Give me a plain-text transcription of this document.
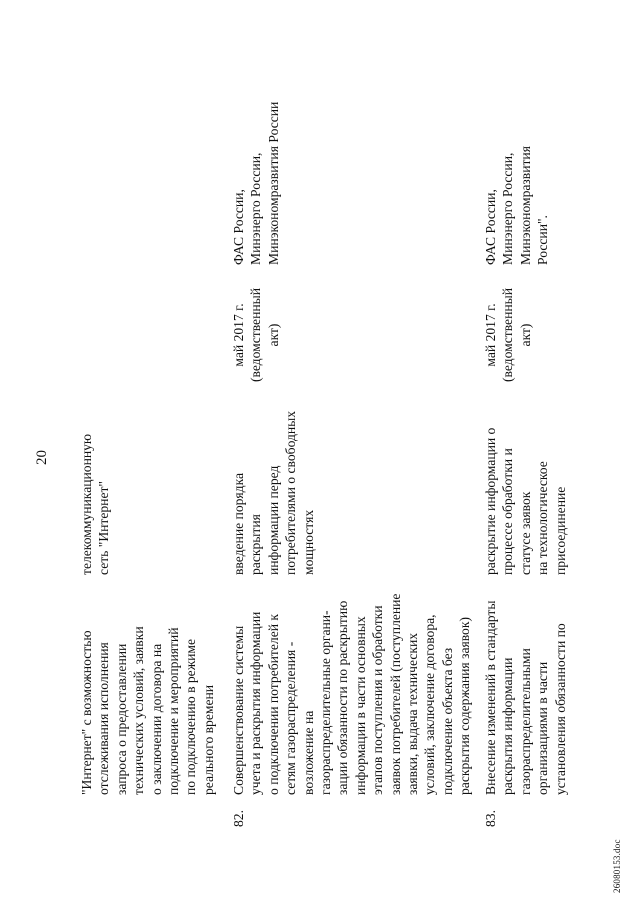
20
"Интернет" с возможностью
отслеживания исполнения
запроса о предоставлении
технических условий, заявки
о заключении договора на
подключение и мероприятий
по подключению в режиме
реального времени
телекоммуникационную
сеть "Интернет"
82.
Совершенствование системы
учета и раскрытия информации
о подключении потребителей к
сетям газораспределения -
возложение на
газораспределительные органи-
зации обязанности по раскрытию
информации в части основных
этапов поступления и обработки
заявок потребителей (поступление
заявки, выдача технических
условий, заключение договора,
подключение объекта без
раскрытия содержания заявок)
введение порядка раскрытия
информации перед
потребителями о свободных
мощностях
май 2017 г.
(ведомственный
акт)
ФАС России,
Минэнерго России,
Минэкономразвития России
83.
Внесение изменений в стандарты
раскрытия информации
газораспределительными
организациями в части
установления обязанности по
раскрытие информации о
процессе обработки и
статусе заявок
на технологическое
присоединение
май 2017 г.
(ведомственный
акт)
ФАС России,
Минэнерго России,
Минэкономразвития
России".
26080153.doc
